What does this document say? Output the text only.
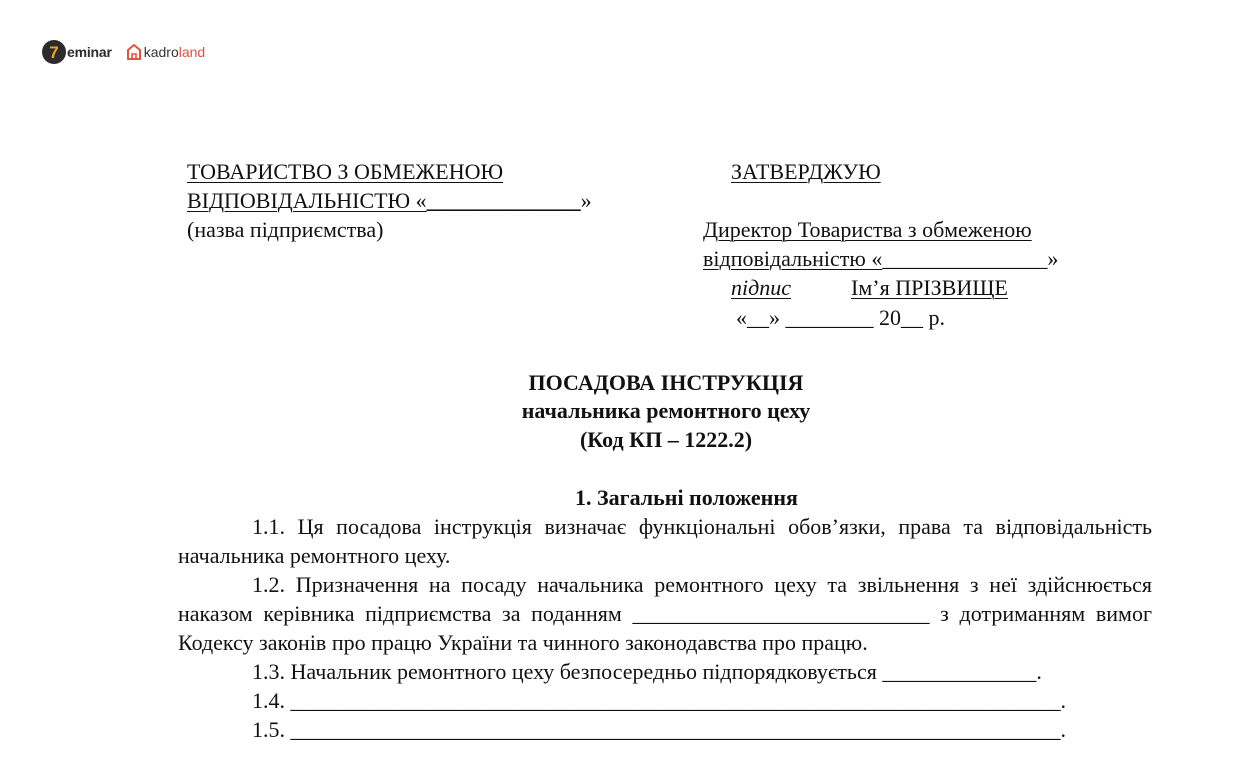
7 eminar kadro land
ТОВАРИСТВО З ОБМЕЖЕНОЮ
ВІДПОВІДАЛЬНІСТЮ «______________»
(назва підприємства)
ЗАТВЕРДЖУЮ
Директор Товариства з обмеженою
відповідальністю «_______________»
підпис	Ім’я ПРІЗВИЩЕ
«__» ________ 20__ р.
ПОСАДОВА ІНСТРУКЦІЯ
начальника ремонтного цеху
(Код КП – 1222.2)
1. Загальні положення
1.1. Ця посадова інструкція визначає функціональні обов’язки, права та відповідальність начальника ремонтного цеху.
1.2. Призначення на посаду начальника ремонтного цеху та звільнення з неї здійснюється наказом керівника підприємства за поданням ___________________________ з дотриманням вимог Кодексу законів про працю України та чинного законодавства про працю.
1.3. Начальник ремонтного цеху безпосередньо підпорядковується ______________.
1.4. ______________________________________________________________________.
1.5. ______________________________________________________________________.
